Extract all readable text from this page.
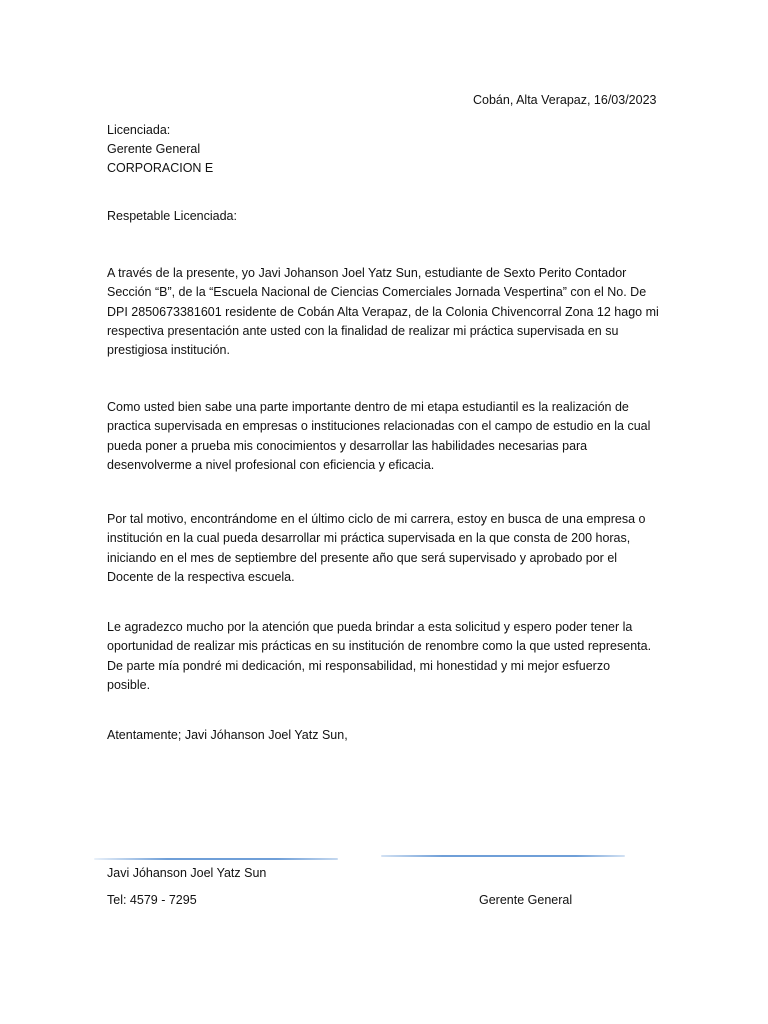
Cobán, Alta Verapaz, 16/03/2023
Licenciada:
Gerente General
CORPORACION E
Respetable Licenciada:
A través de la presente, yo Javi Johanson Joel Yatz Sun, estudiante de Sexto Perito Contador
Sección “B”, de la “Escuela Nacional de Ciencias Comerciales Jornada Vespertina” con el No. De
DPI 2850673381601 residente de Cobán Alta Verapaz, de la Colonia Chivencorral Zona 12 hago mi
respectiva presentación ante usted con la finalidad de realizar mi práctica supervisada en su
prestigiosa institución.
Como usted bien sabe una parte importante dentro de mi etapa estudiantil es la realización de
practica supervisada en empresas o instituciones relacionadas con el campo de estudio en la cual
pueda poner a prueba mis conocimientos y desarrollar las habilidades necesarias para
desenvolverme a nivel profesional con eficiencia y eficacia.
Por tal motivo, encontrándome en el último ciclo de mi carrera, estoy en busca de una empresa o
institución en la cual pueda desarrollar mi práctica supervisada en la que consta de 200 horas,
iniciando en el mes de septiembre del presente año que será supervisado y aprobado por el
Docente de la respectiva escuela.
Le agradezco mucho por la atención que pueda brindar a esta solicitud y espero poder tener la
oportunidad de realizar mis prácticas en su institución de renombre como la que usted representa.
De parte mía pondré mi dedicación, mi responsabilidad, mi honestidad y mi mejor esfuerzo
posible.
Atentamente; Javi Jóhanson Joel Yatz Sun,
Javi Jóhanson Joel Yatz Sun
Tel: 4579 - 7295	Gerente General
